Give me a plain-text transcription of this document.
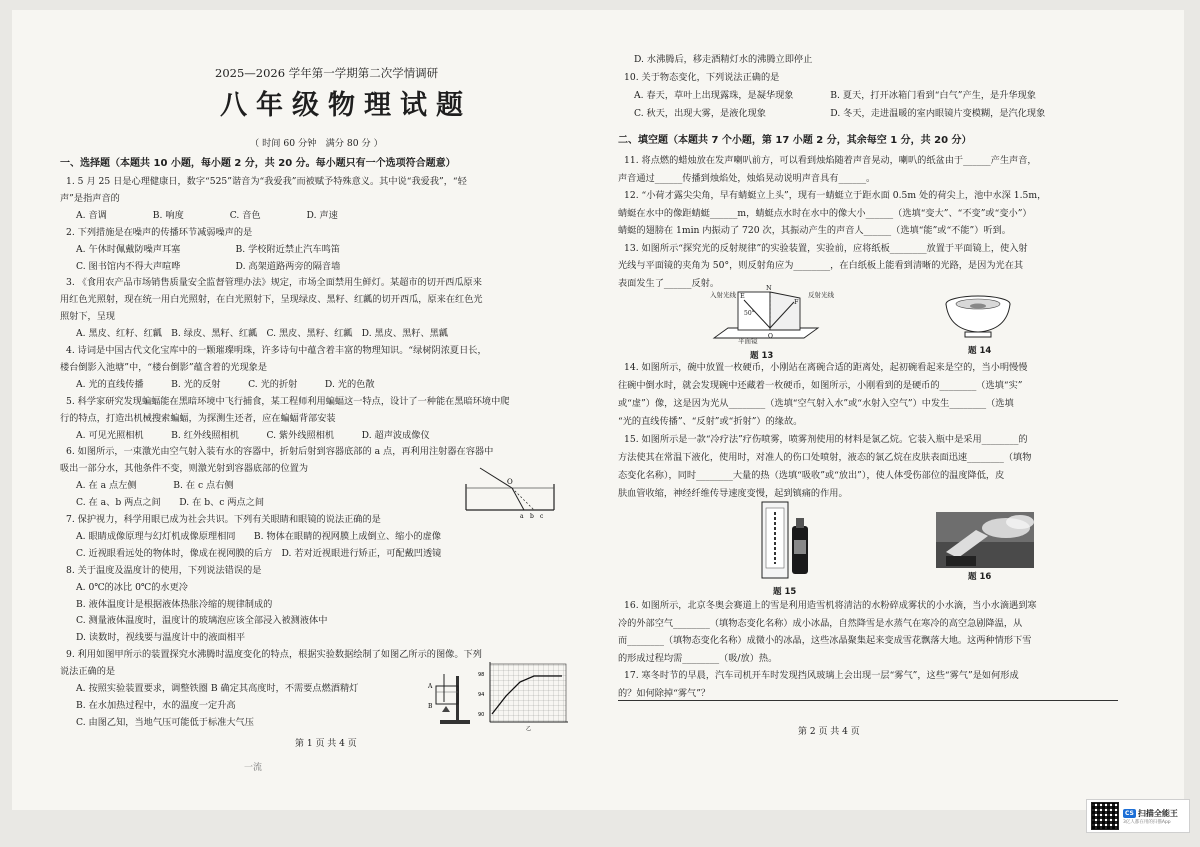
2025—2026 学年第一学期第二次学情调研
八年级物理试题
（ 时间 60 分钟　满分 80 分 ）
一、选择题（本题共 10 小题，每小题 2 分，共 20 分。每小题只有一个选项符合题意）
1. 5 月 25 日是心理健康日，数字“525”谐音为“我爱我”而被赋予特殊意义。其中说“我爱我”，“轻
声”是指声音的
A. 音调　　　　　B. 响度　　　　　C. 音色　　　　　D. 声速
2. 下列措施是在噪声的传播环节减弱噪声的是
A. 午休时佩戴防噪声耳塞　　　　　　B. 学校附近禁止汽车鸣笛
C. 图书馆内不得大声喧哗　　　　　　D. 高架道路两旁的隔音墙
3. 《食用农产品市场销售质量安全监督管理办法》规定，市场全面禁用生鲜灯。某超市的切开西瓜原来
用红色光照射，现在统一用白光照射，在白光照射下，呈现绿皮、黑籽、红瓤的切开西瓜，原来在红色光
照射下，呈现
A. 黑皮、红籽、红瓤　B. 绿皮、黑籽、红瓤　C. 黑皮、黑籽、红瓤　D. 黑皮、黑籽、黑瓤
4. 诗词是中国古代文化宝库中的一颗璀璨明珠，许多诗句中蕴含着丰富的物理知识。“绿树阴浓夏日长，
楼台倒影入池塘”中，“楼台倒影”蕴含着的光现象是
A. 光的直线传播　　　B. 光的反射　　　C. 光的折射　　　D. 光的色散
5. 科学家研究发现蝙蝠能在黑暗环境中飞行捕食，某工程师利用蝙蝠这一特点，设计了一种能在黑暗环境中爬
行的特点，打造出机械搜索蝙蝠，为探测生还者，应在蝙蝠背部安装
A. 可见光照相机　　　B. 红外线照相机　　　C. 紫外线照相机　　　D. 超声波成像仪
6. 如图所示，一束激光由空气射入装有水的容器中，折射后射到容器底部的 a 点，再利用注射器在容器中
吸出一部分水，其他条件不变，则激光射到容器底部的位置为
A. 在 a 点左侧　　　　B. 在 c 点右侧
C. 在 a、b 两点之间　　D. 在 b、c 两点之间
7. 保护视力，科学用眼已成为社会共识。下列有关眼睛和眼镜的说法正确的是
A. 眼睛成像原理与幻灯机成像原理相同　　B. 物体在眼睛的视网膜上成倒立、缩小的虚像
C. 近视眼看远处的物体时，像成在视网膜的后方　D. 若对近视眼进行矫正，可配戴凹透镜
8. 关于温度及温度计的使用，下列说法错误的是
A. 0℃的冰比 0℃的水更冷
B. 液体温度计是根据液体热胀冷缩的规律制成的
C. 测量液体温度时，温度计的玻璃泡应该全部浸入被测液体中
D. 读数时，视线要与温度计中的液面相平
9. 利用如图甲所示的装置探究水沸腾时温度变化的特点，根据实验数据绘制了如图乙所示的图像。下列
说法正确的是
A. 按照实验装置要求，调整铁圈 B 确定其高度时，不需要点燃酒精灯
B. 在水加热过程中，水的温度一定升高
C. 由图乙知，当地气压可能低于标准大气压
O
a b c
A
B
98
94
90
乙
第 1 页 共 4 页
一流
D. 水沸腾后，移走酒精灯水的沸腾立即停止
10. 关于物态变化，下列说法正确的是
A. 春天，草叶上出现露珠，是凝华现象　　　　B. 夏天，打开冰箱门看到“白气”产生，是升华现象
C. 秋天，出现大雾，是液化现象　　　　　　　D. 冬天，走进温暖的室内眼镜片变模糊，是汽化现象
二、填空题（本题共 7 个小题，第 17 小题 2 分，其余每空 1 分，共 20 分）
11. 将点燃的蜡烛放在发声喇叭前方，可以看到烛焰随着声音晃动，喇叭的纸盆由于______产生声音，
声音通过______传播到烛焰处，烛焰晃动说明声音具有______。
12. “小荷才露尖尖角，早有蜻蜓立上头”，现有一蜻蜓立于距水面 0.5m 处的荷尖上，池中水深 1.5m，
蜻蜓在水中的像距蜻蜓______m，蜻蜓点水时在水中的像大小______（选填“变大”、“不变”或“变小”）
蜻蜓的翅膀在 1min 内振动了 720 次，其振动产生的声音人______（选填“能”或“不能”）听到。
13. 如图所示“探究光的反射规律”的实验装置，实验前，应将纸板________放置于平面镜上，使入射
光线与平面镜的夹角为 50°，则反射角应为________，在白纸板上能看到清晰的光路，是因为光在其
表面发生了______反射。
O
入射光线	反射光线
50°
N
E
F
平面镜
题 13	题 14
14. 如图所示，碗中放置一枚硬币，小刚站在离碗合适的距离处，起初碗看起来是空的，当小明慢慢
往碗中倒水时，就会发现碗中还藏着一枚硬币，如图所示，小刚看到的是硬币的________（选填“实”
或“虚”）像，这是因为光从________（选填“空气射入水”或“水射入空气”）中发生________（选填
“光的直线传播”、“反射”或“折射”）的缘故。
15. 如图所示是一款“冷疗法”疗伤喷雾，喷雾剂使用的材料是氯乙烷。它装入瓶中是采用________的
方法使其在常温下液化，使用时，对准人的伤口处喷射，液态的氯乙烷在皮肤表面迅速________（填物
态变化名称），同时________大量的热（选填“吸收”或“放出”），使人体受伤部位的温度降低，皮
肤血管收缩，神经纤维传导速度变慢，起到镇痛的作用。
题 15
题 16
16. 如图所示，北京冬奥会赛道上的雪是利用造雪机将清洁的水粉碎成雾状的小水滴，当小水滴遇到寒
冷的外部空气________（填物态变化名称）成小冰晶，自然降雪是水蒸气在寒冷的高空急剧降温，从
而________（填物态变化名称）成微小的冰晶，这些冰晶聚集起来变成雪花飘落大地。这两种情形下雪
的形成过程均需________（吸/放）热。
17. 寒冬时节的早晨，汽车司机开车时发现挡风玻璃上会出现一层“雾气”，这些“雾气”是如何形成
的？如何除掉“雾气”？
第 2 页 共 4 页
CS 扫描全能王
3亿人都在用的扫描App
